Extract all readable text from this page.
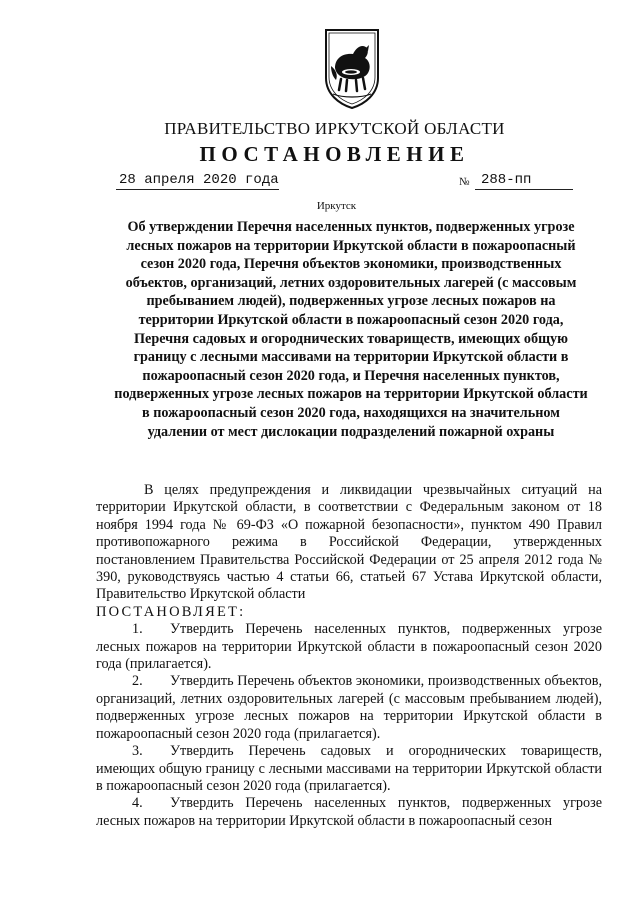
ПРАВИТЕЛЬСТВО ИРКУТСКОЙ ОБЛАСТИ
ПОСТАНОВЛЕНИЕ
28 апреля 2020 года	№ 288-пп
Иркутск
Об утверждении Перечня населенных пунктов, подверженных угрозе лесных пожаров на территории Иркутской области в пожароопасный сезон 2020 года, Перечня объектов экономики, производственных объектов, организаций, летних оздоровительных лагерей (с массовым пребыванием людей), подверженных угрозе лесных пожаров на территории Иркутской области в пожароопасный сезон 2020 года, Перечня садовых и огороднических товариществ, имеющих общую границу с лесными массивами на территории Иркутской области в пожароопасный сезон 2020 года, и Перечня населенных пунктов, подверженных угрозе лесных пожаров на территории Иркутской области в пожароопасный сезон 2020 года, находящихся на значительном удалении от мест дислокации подразделений пожарной охраны

В целях предупреждения и ликвидации чрезвычайных ситуаций на территории Иркутской области, в соответствии с Федеральным законом от 18 ноября 1994 года № 69-ФЗ «О пожарной безопасности», пунктом 490 Правил противопожарного режима в Российской Федерации, утвержденных постановлением Правительства Российской Федерации от 25 апреля 2012 года № 390, руководствуясь частью 4 статьи 66, статьей 67 Устава Иркутской области, Правительство Иркутской области

ПОСТАНОВЛЯЕТ:

1. Утвердить Перечень населенных пунктов, подверженных угрозе лесных пожаров на территории Иркутской области в пожароопасный сезон 2020 года (прилагается).

2. Утвердить Перечень объектов экономики, производственных объектов, организаций, летних оздоровительных лагерей (с массовым пребыванием людей), подверженных угрозе лесных пожаров на территории Иркутской области в пожароопасный сезон 2020 года (прилагается).

3. Утвердить Перечень садовых и огороднических товариществ, имеющих общую границу с лесными массивами на территории Иркутской области в пожароопасный сезон 2020 года (прилагается).

4. Утвердить Перечень населенных пунктов, подверженных угрозе лесных пожаров на территории Иркутской области в пожароопасный сезон
